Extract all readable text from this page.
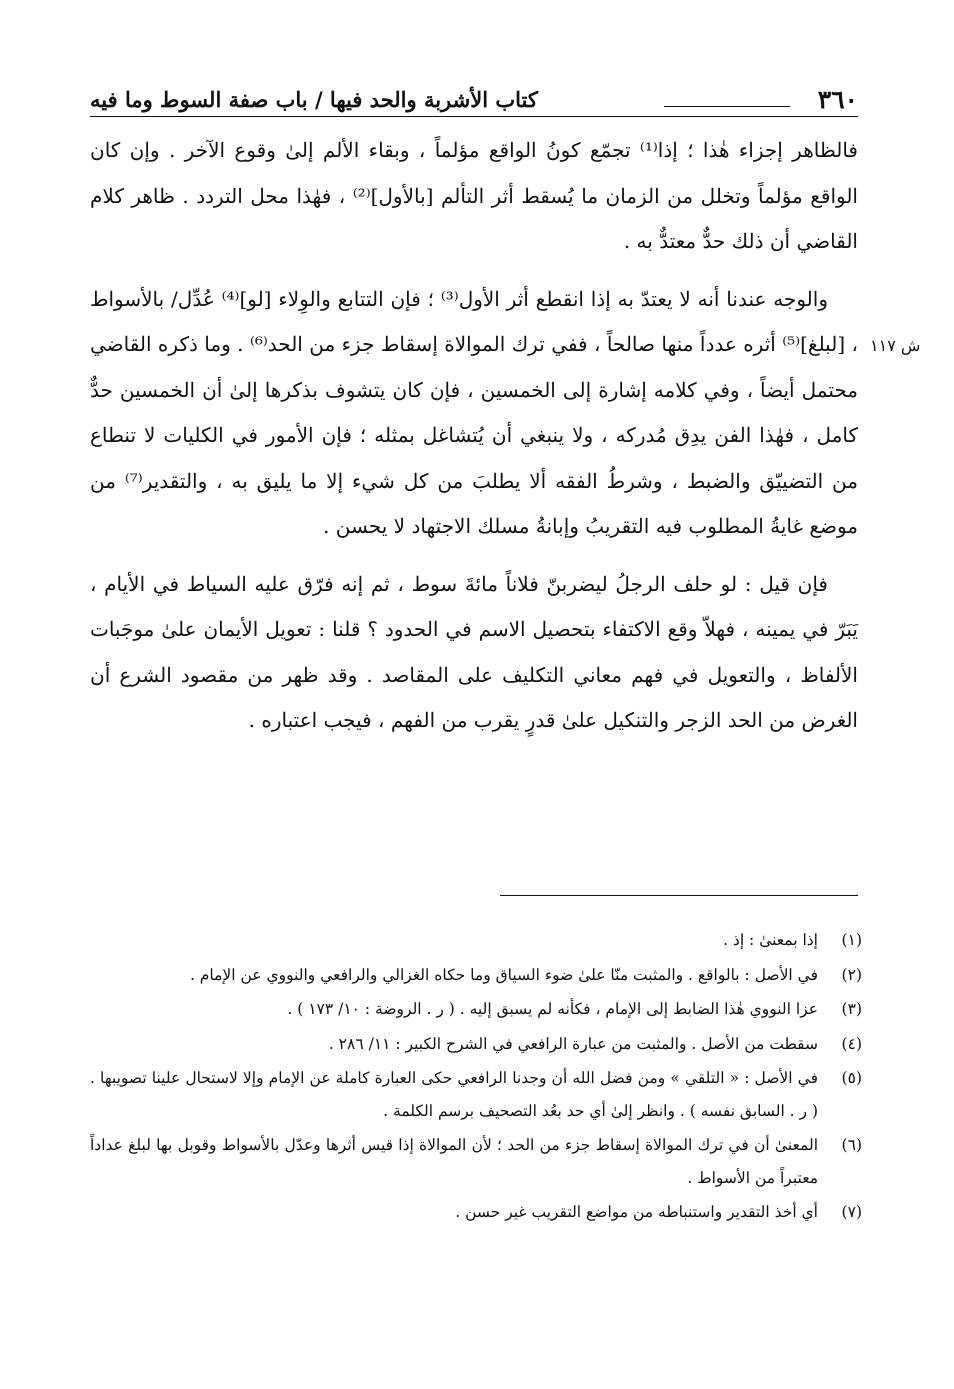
٣٦٠
كتاب الأشربة والحد فيها / باب صفة السوط وما فيه
ش ١١٧

فالظاهر إجزاء هٰذا ؛ إذا⁽¹⁾ تجمّع كونُ الواقع مؤلماً ، وبقاء الألم إلىٰ وقوع الآخر . وإن كان الواقع مؤلماً وتخلل من الزمان ما يُسقط أثر التألم [بالأول]⁽²⁾ ، فهٰذا محل التردد . ظاهر كلام القاضي أن ذلك حدٌّ معتدٌّ به .

والوجه عندنا أنه لا يعتدّ به إذا انقطع أثر الأول⁽³⁾ ؛ فإن التتابع والوِلاء [لو]⁽⁴⁾ عُدِّل/ بالأسواط ، [لبلغ]⁽⁵⁾ أثره عدداً منها صالحاً ، ففي ترك الموالاة إسقاط جزء من الحد⁽⁶⁾ . وما ذكره القاضي محتمل أيضاً ، وفي كلامه إشارة إلى الخمسين ، فإن كان يتشوف بذكرها إلىٰ أن الخمسين حدٌّ كامل ، فهٰذا الفن يدِق مُدركه ، ولا ينبغي أن يُتشاغل بمثله ؛ فإن الأمور في الكليات لا تنطاع من التضييّق والضبط ، وشرطُ الفقه ألا يطلبَ من كل شيء إلا ما يليق به ، والتقدير⁽⁷⁾ من موضع غايةُ المطلوب فيه التقريبُ وإبانةُ مسلك الاجتهاد لا يحسن .

فإن قيل : لو حلف الرجلُ ليضربنّ فلاناً مائةَ سوط ، ثم إنه فرّق عليه السياط في الأيام ، يَبَرّ في يمينه ، فهلاّ وقع الاكتفاء بتحصيل الاسم في الحدود ؟ قلنا : تعويل الأيمان علىٰ موجَبات الألفاظ ، والتعويل في فهم معاني التكليف على المقاصد . وقد ظهر من مقصود الشرع أن الغرض من الحد الزجر والتنكيل علىٰ قدرٍ يقرب من الفهم ، فيجب اعتباره .

(١)
إذا بمعنىٰ : إذ .
(٢)
في الأصل : بالواقع . والمثبت منّا علىٰ ضوء السياق وما حكاه الغزالي والرافعي والنووي عن الإمام .
(٣)
عزا النووي هٰذا الضابط إلى الإمام ، فكأنه لم يسبق إليه . ( ر . الروضة : ١٠/ ١٧٣ ) .
(٤)
سقطت من الأصل . والمثبت من عبارة الرافعي في الشرح الكبير : ١١/ ٢٨٦ .
(٥)
في الأصل : « التلقي » ومن فضل الله أن وجدنا الرافعي حكى العبارة كاملة عن الإمام وإلا لاستحال علينا تصويبها . ( ر . السابق نفسه ) . وانظر إلىٰ أي حد بعُد التصحيف برسم الكلمة .
(٦)
المعنىٰ أن في ترك الموالاة إسقاط جزء من الحد ؛ لأن الموالاة إذا قيس أثرها وعدّل بالأسواط وقوبل بها لبلغ عداداً معتبراً من الأسواط .
(٧)
أي أخذ التقدير واستنباطه من مواضع التقريب غير حسن .
